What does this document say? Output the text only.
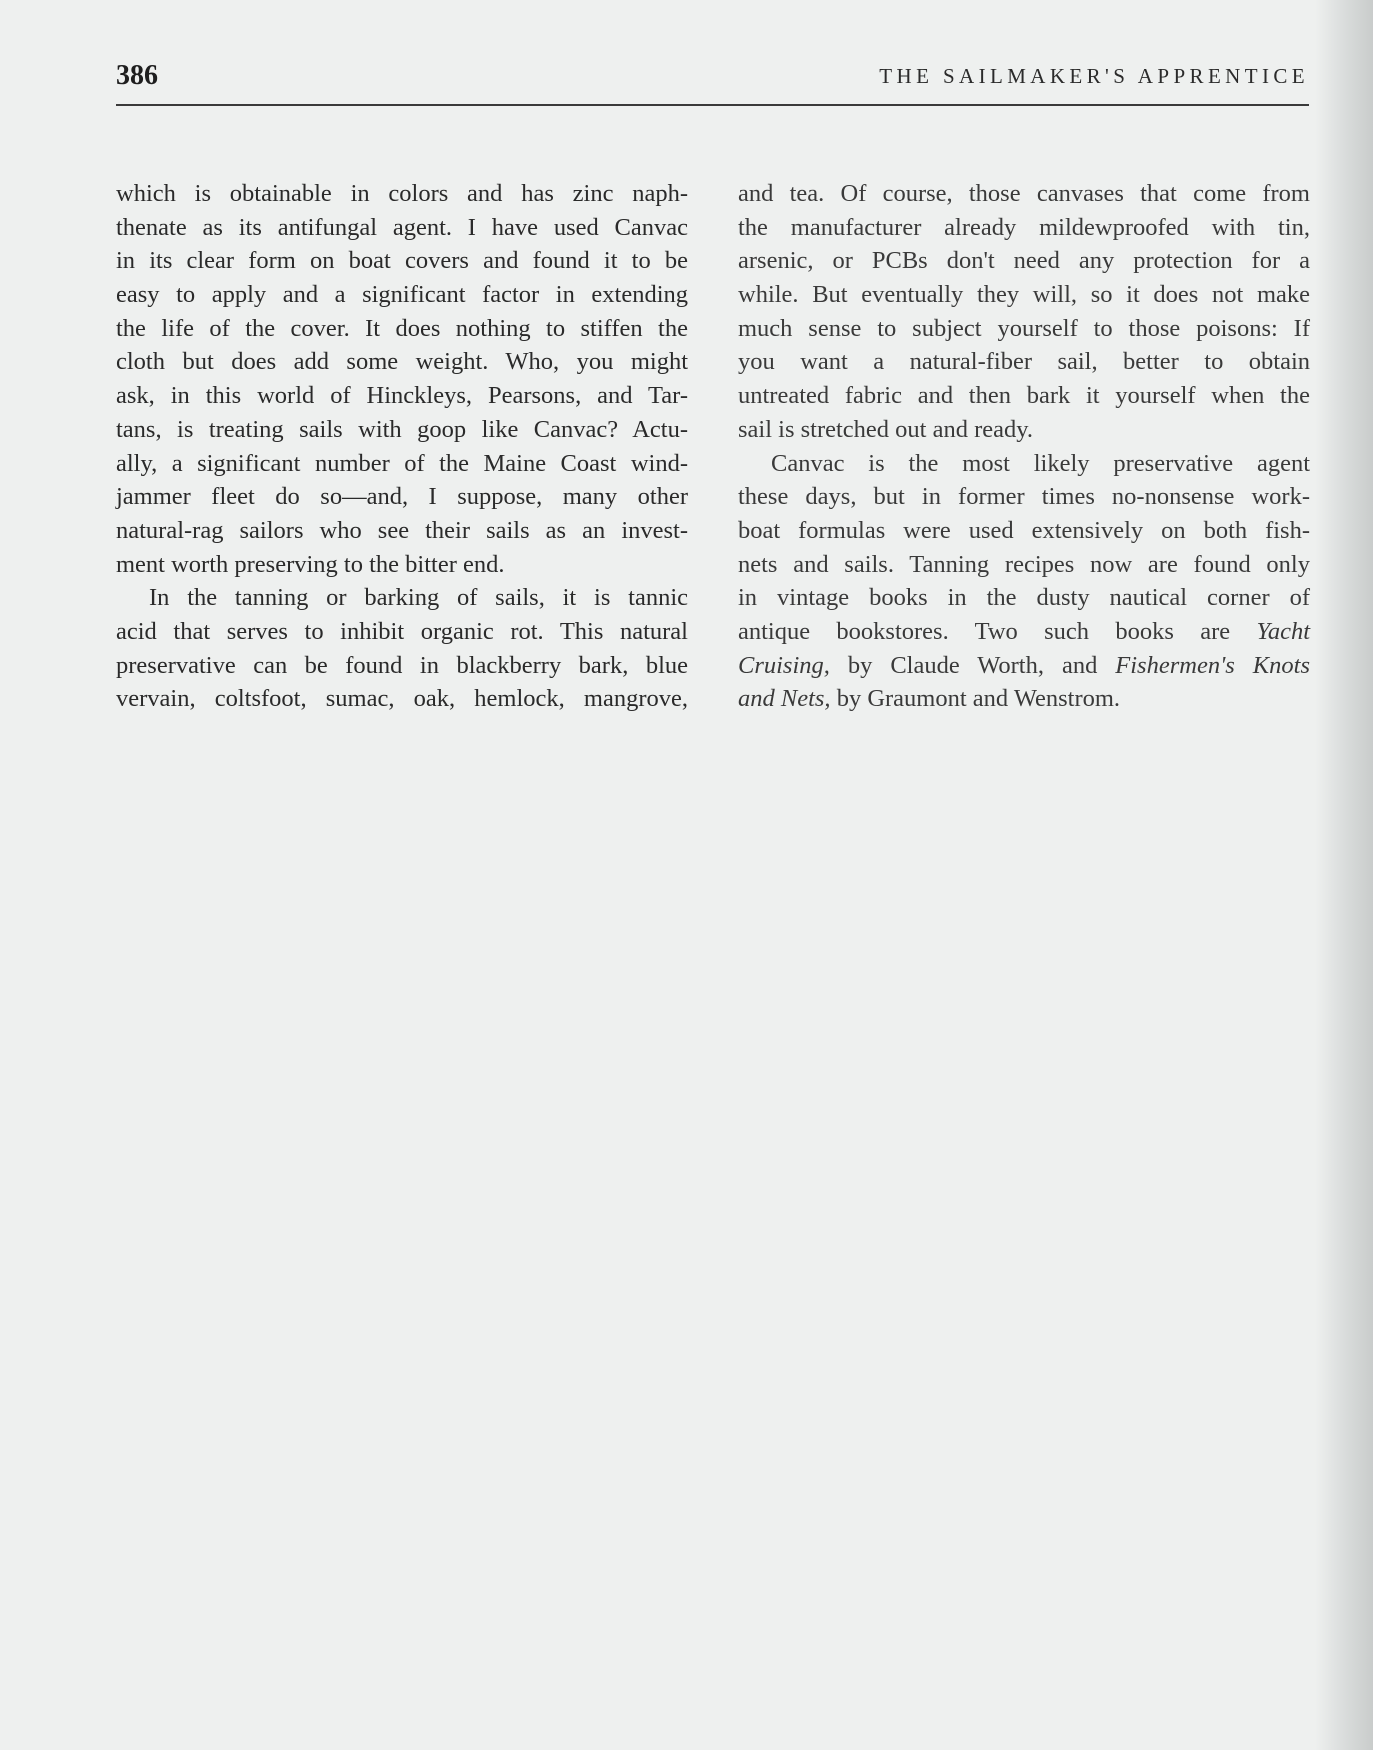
386	THE SAILMAKER'S APPRENTICE
which is obtainable in colors and has zinc naph-
thenate as its antifungal agent. I have used Canvac
in its clear form on boat covers and found it to be
easy to apply and a significant factor in extending
the life of the cover. It does nothing to stiffen the
cloth but does add some weight. Who, you might
ask, in this world of Hinckleys, Pearsons, and Tar-
tans, is treating sails with goop like Canvac? Actu-
ally, a significant number of the Maine Coast wind-
jammer fleet do so—and, I suppose, many other
natural-rag sailors who see their sails as an invest-
ment worth preserving to the bitter end.
In the tanning or barking of sails, it is tannic
acid that serves to inhibit organic rot. This natural
preservative can be found in blackberry bark, blue
vervain, coltsfoot, sumac, oak, hemlock, mangrove,
and tea. Of course, those canvases that come from
the manufacturer already mildewproofed with tin,
arsenic, or PCBs don't need any protection for a
while. But eventually they will, so it does not make
much sense to subject yourself to those poisons: If
you want a natural-fiber sail, better to obtain
untreated fabric and then bark it yourself when the
sail is stretched out and ready.
Canvac is the most likely preservative agent
these days, but in former times no-nonsense work-
boat formulas were used extensively on both fish-
nets and sails. Tanning recipes now are found only
in vintage books in the dusty nautical corner of
antique bookstores. Two such books are Yacht
Cruising, by Claude Worth, and Fishermen's Knots
and Nets, by Graumont and Wenstrom.
